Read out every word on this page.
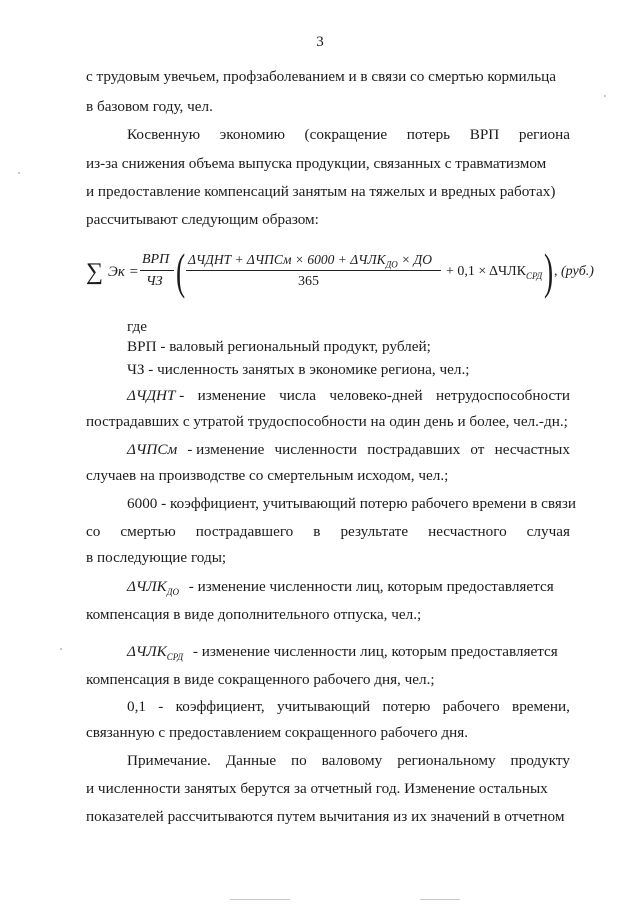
3
с трудовым увечьем, профзаболеванием и в связи со смертью кормильца
в базовом году, чел.
Косвенную экономию (сокращение потерь ВРП региона
из-за снижения объема выпуска продукции, связанных с травматизмом
и предоставление компенсаций занятым на тяжелых и вредных работах)
рассчитывают следующим образом:
∑ Эк =
ВРП
ЧЗ ( ΔЧДНТ + ΔЧПСм × $6000 + \Delta ЧЛК_{ДО}$ × ДО
365
+ $0,1 \times \Delta ЧЛК_{СРД}$ ) , (руб.)
где
ВРП - валовый региональный продукт, рублей;
ЧЗ - численность занятых в экономике региона, чел.;
ΔЧДНТ - изменение числа человеко-дней нетрудоспособности
пострадавших с утратой трудоспособности на один день и более, чел.-дн.;
ΔЧПСм - изменение численности пострадавших от несчастных
случаев на производстве со смертельным исходом, чел.;
6000 - коэффициент, учитывающий потерю рабочего времени в связи
со смертью пострадавшего в результате несчастного случая
в последующие годы;
$\Delta ЧЛК_{ДО}$ - изменение численности лиц, которым предоставляется
компенсация в виде дополнительного отпуска, чел.;
$\Delta ЧЛК_{СРД}$ - изменение численности лиц, которым предоставляется
компенсация в виде сокращенного рабочего дня, чел.;
0,1 - коэффициент, учитывающий потерю рабочего времени,
связанную с предоставлением сокращенного рабочего дня.
Примечание. Данные по валовому региональному продукту
и численности занятых берутся за отчетный год. Изменение остальных
показателей рассчитываются путем вычитания из их значений в отчетном
